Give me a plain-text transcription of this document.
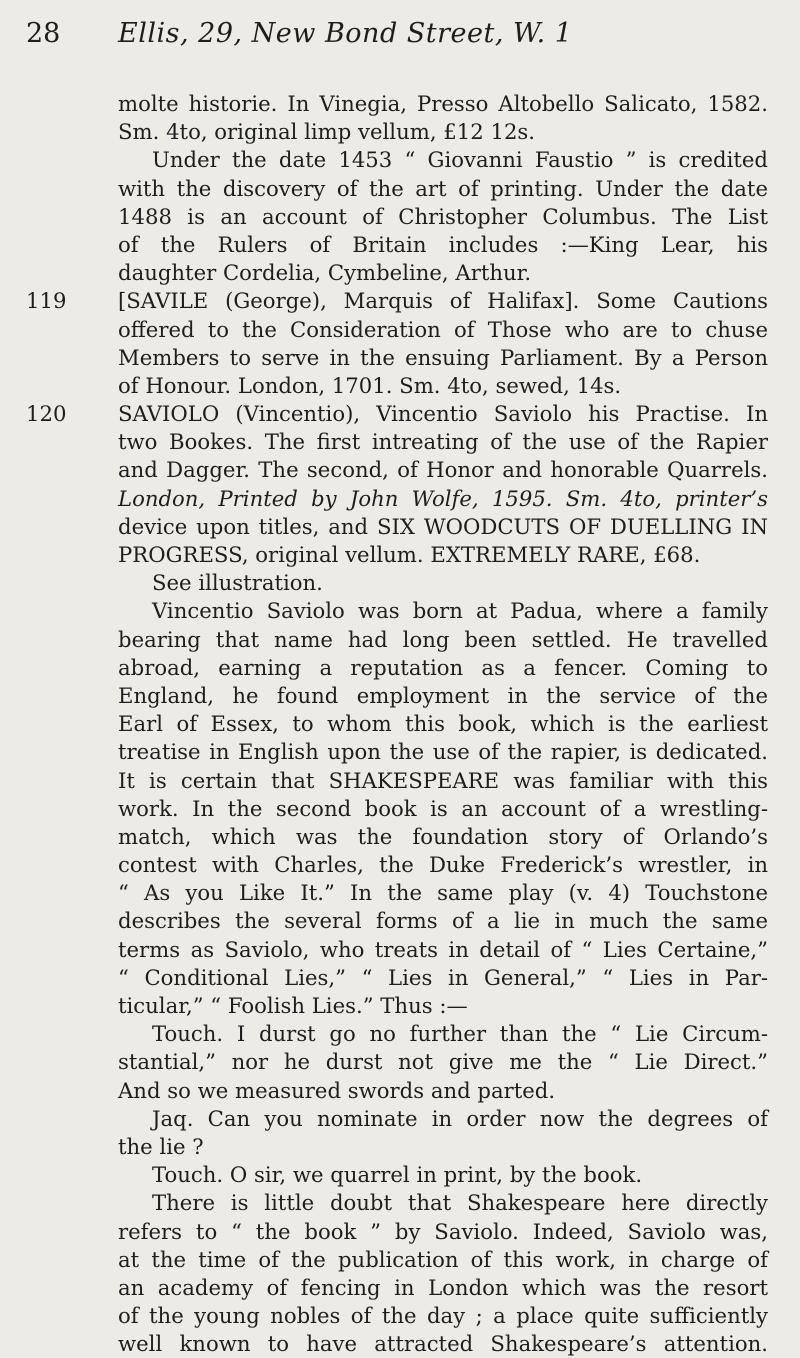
28 Ellis, 29, New Bond Street, W. 1
molte historie. In Vinegia, Presso Altobello Salicato, 1582.
Sm. 4to, original limp vellum, £12 12s.
Under the date 1453 “ Giovanni Faustio ” is credited
with the discovery of the art of printing. Under the date
1488 is an account of Christopher Columbus. The List
of the Rulers of Britain includes :—King Lear, his
daughter Cordelia, Cymbeline, Arthur.
119 [SAVILE (George), Marquis of Halifax]. Some Cautions
offered to the Consideration of Those who are to chuse
Members to serve in the ensuing Parliament. By a Person
of Honour. London, 1701. Sm. 4to, sewed, 14s.
120 SAVIOLO (Vincentio), Vincentio Saviolo his Practise. In
two Bookes. The first intreating of the use of the Rapier
and Dagger. The second, of Honor and honorable Quarrels.
London, Printed by John Wolfe, 1595. Sm. 4to, printer’s
device upon titles, and SIX WOODCUTS OF DUELLING IN
PROGRESS, original vellum. EXTREMELY RARE, £68.
See illustration.
Vincentio Saviolo was born at Padua, where a family
bearing that name had long been settled. He travelled
abroad, earning a reputation as a fencer. Coming to
England, he found employment in the service of the
Earl of Essex, to whom this book, which is the earliest
treatise in English upon the use of the rapier, is dedicated.
It is certain that SHAKESPEARE was familiar with this
work. In the second book is an account of a wrestling-
match, which was the foundation story of Orlando’s
contest with Charles, the Duke Frederick’s wrestler, in
“ As you Like It.” In the same play (v. 4) Touchstone
describes the several forms of a lie in much the same
terms as Saviolo, who treats in detail of “ Lies Certaine,”
“ Conditional Lies,” “ Lies in General,” “ Lies in Par-
ticular,” “ Foolish Lies.” Thus :—
Touch. I durst go no further than the “ Lie Circum-
stantial,” nor he durst not give me the “ Lie Direct.”
And so we measured swords and parted.
Jaq. Can you nominate in order now the degrees of
the lie ?
Touch. O sir, we quarrel in print, by the book.
There is little doubt that Shakespeare here directly
refers to “ the book ” by Saviolo. Indeed, Saviolo was,
at the time of the publication of this work, in charge of
an academy of fencing in London which was the resort
of the young nobles of the day ; a place quite sufficiently
well known to have attracted Shakespeare’s attention.
